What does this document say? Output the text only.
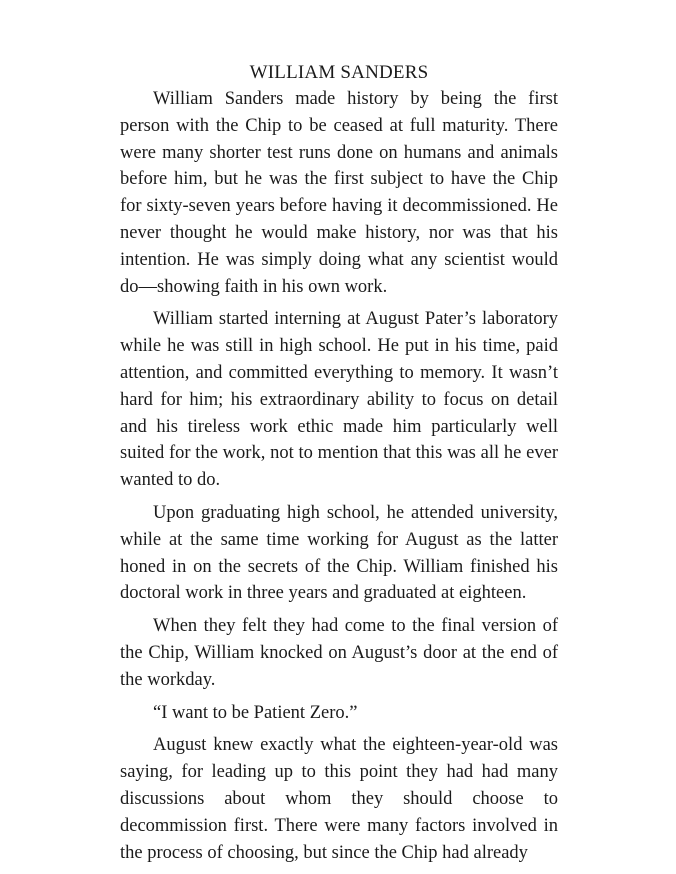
WILLIAM SANDERS

William Sanders made history by being the first person with the Chip to be ceased at full maturity. There were many shorter test runs done on humans and animals before him, but he was the first subject to have the Chip for sixty-seven years before having it decommissioned. He never thought he would make history, nor was that his intention. He was simply doing what any scientist would do—showing faith in his own work.

William started interning at August Pater’s laboratory while he was still in high school. He put in his time, paid attention, and committed everything to memory. It wasn’t hard for him; his extraordinary ability to focus on detail and his tireless work ethic made him particularly well suited for the work, not to mention that this was all he ever wanted to do.

Upon graduating high school, he attended university, while at the same time working for August as the latter honed in on the secrets of the Chip. William finished his doctoral work in three years and graduated at eighteen.

When they felt they had come to the final version of the Chip, William knocked on August’s door at the end of the workday.

“I want to be Patient Zero.”

August knew exactly what the eighteen-year-old was saying, for leading up to this point they had had many discussions about whom they should choose to decommission first. There were many factors involved in the process of choosing, but since the Chip had already
